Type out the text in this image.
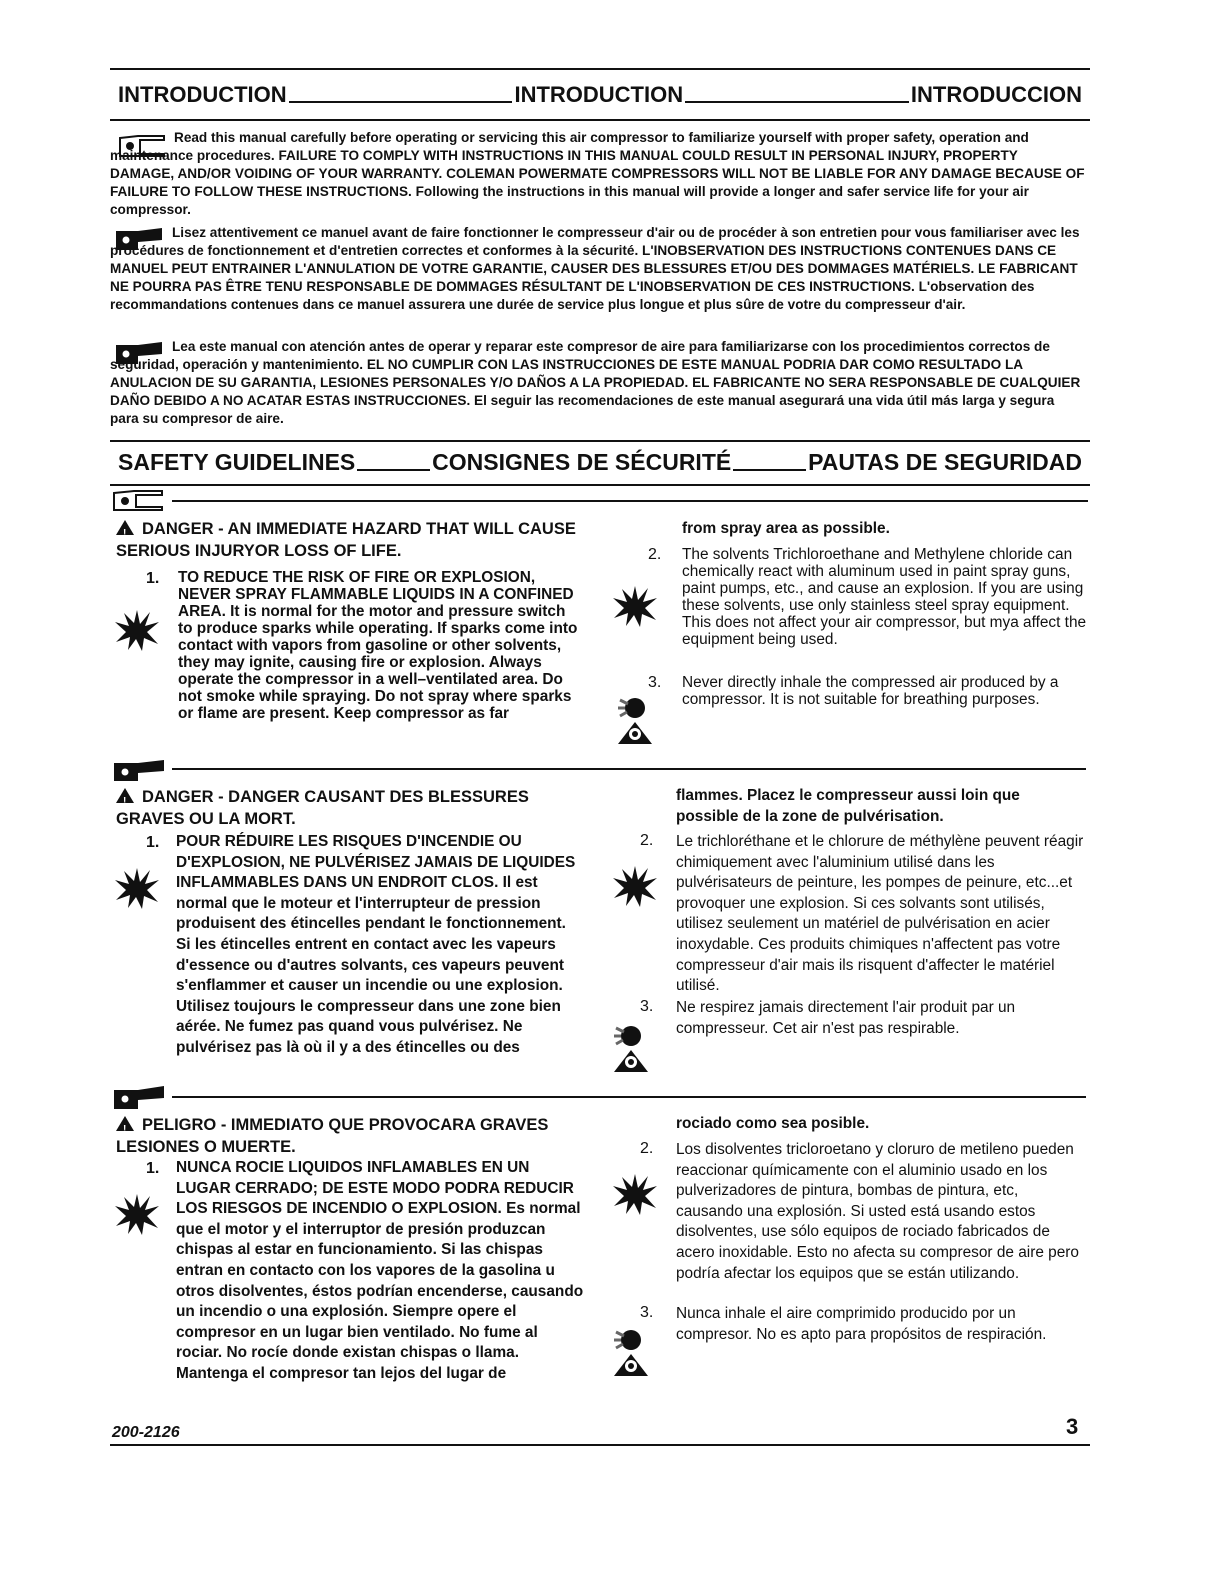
INTRODUCTION	INTRODUCTION	INTRODUCCION
Read this manual carefully before operating or servicing this air compressor to familiarize yourself with proper safety, operation and maintenance procedures. FAILURE TO COMPLY WITH INSTRUCTIONS IN THIS MANUAL COULD RESULT IN PERSONAL INJURY, PROPERTY DAMAGE, AND/OR VOIDING OF YOUR WARRANTY. COLEMAN POWERMATE COMPRESSORS WILL NOT BE LIABLE FOR ANY DAMAGE BECAUSE OF FAILURE TO FOLLOW THESE INSTRUCTIONS. Following the instructions in this manual will provide a longer and safer service life for your air compressor.
Lisez attentivement ce manuel avant de faire fonctionner le compresseur d'air ou de procéder à son entretien pour vous familiariser avec les procédures de fonctionnement et d'entretien correctes et conformes à la sécurité. L'INOBSERVATION DES INSTRUCTIONS CONTENUES DANS CE MANUEL PEUT ENTRAINER L'ANNULATION DE VOTRE GARANTIE, CAUSER DES BLESSURES ET/OU DES DOMMAGES MATÉRIELS. LE FABRICANT NE POURRA PAS ÊTRE TENU RESPONSABLE DE DOMMAGES RÉSULTANT DE L'INOBSERVATION DE CES INSTRUCTIONS. L'observation des recommandations contenues dans ce manuel assurera une durée de service plus longue et plus sûre de votre du compresseur d'air.
Lea este manual con atención antes de operar y reparar este compresor de aire para familiarizarse con los procedimientos correctos de seguridad, operación y mantenimiento. EL NO CUMPLIR CON LAS INSTRUCCIONES DE ESTE MANUAL PODRIA DAR COMO RESULTADO LA ANULACION DE SU GARANTIA, LESIONES PERSONALES Y/O DAÑOS A LA PROPIEDAD. EL FABRICANTE NO SERA RESPONSABLE DE CUALQUIER DAÑO DEBIDO A NO ACATAR ESTAS INSTRUCCIONES. El seguir las recomendaciones de este manual asegurará una vida útil más larga y segura para su compresor de aire.
SAFETY GUIDELINES	CONSIGNES DE SÉCURITÉ	PAUTAS DE SEGURIDAD
!DANGER - AN IMMEDIATE HAZARD THAT WILL CAUSE SERIOUS INJURYOR LOSS OF LIFE.
1. TO REDUCE THE RISK OF FIRE OR EXPLOSION, NEVER SPRAY FLAMMABLE LIQUIDS IN A CONFINED AREA. It is normal for the motor and pressure switch to produce sparks while operating. If sparks come into contact with vapors from gasoline or other solvents, they may ignite, causing fire or explosion. Always operate the compressor in a well–ventilated area. Do not smoke while spraying. Do not spray where sparks or flame are present. Keep compressor as far
from spray area as possible.
2. The solvents Trichloroethane and Methylene chloride can chemically react with aluminum used in paint spray guns, paint pumps, etc., and cause an explosion. If you are using these solvents, use only stainless steel spray equipment. This does not affect your air compressor, but mya affect the equipment being used.
3. Never directly inhale the compressed air produced by a compressor. It is not suitable for breathing purposes.
!DANGER - DANGER CAUSANT DES BLESSURES GRAVES OU LA MORT.
1. POUR RÉDUIRE LES RISQUES D'INCENDIE OU D'EXPLOSION, NE PULVÉRISEZ JAMAIS DE LIQUIDES INFLAMMABLES DANS UN ENDROIT CLOS. Il est normal que le moteur et l'interrupteur de pression produisent des étincelles pendant le fonctionnement. Si les étincelles entrent en contact avec les vapeurs d'essence ou d'autres solvants, ces vapeurs peuvent s'enflammer et causer un incendie ou une explosion. Utilisez toujours le compresseur dans une zone bien aérée. Ne fumez pas quand vous pulvérisez. Ne pulvérisez pas là où il y a des étincelles ou des
flammes. Placez le compresseur aussi loin que possible de la zone de pulvérisation.
2. Le trichloréthane et le chlorure de méthylène peuvent réagir chimiquement avec l'aluminium utilisé dans les pulvérisateurs de peinture, les pompes de peinure, etc...et provoquer une explosion. Si ces solvants sont utilisés, utilisez seulement un matériel de pulvérisation en acier inoxydable. Ces produits chimiques n'affectent pas votre compresseur d'air mais ils risquent d'affecter le matériel utilisé.
3. Ne respirez jamais directement l'air produit par un compresseur. Cet air n'est pas respirable.
!PELIGRO - IMMEDIATO QUE PROVOCARA GRAVES LESIONES O MUERTE.
1. NUNCA ROCIE LIQUIDOS INFLAMABLES EN UN LUGAR CERRADO; DE ESTE MODO PODRA REDUCIR LOS RIESGOS DE INCENDIO O EXPLOSION. Es normal que el motor y el interruptor de presión produzcan chispas al estar en funcionamiento. Si las chispas entran en contacto con los vapores de la gasolina u otros disolventes, éstos podrían encenderse, causando un incendio o una explosión. Siempre opere el compresor en un lugar bien ventilado. No fume al rociar. No rocíe donde existan chispas o llama. Mantenga el compresor tan lejos del lugar de
rociado como sea posible.
2. Los disolventes tricloroetano y cloruro de metileno pueden reaccionar químicamente con el aluminio usado en los pulverizadores de pintura, bombas de pintura, etc, causando una explosión. Si usted está usando estos disolventes, use sólo equipos de rociado fabricados de acero inoxidable. Esto no afecta su compresor de aire pero podría afectar los equipos que se están utilizando.
3. Nunca inhale el aire comprimido producido por un compresor. No es apto para propósitos de respiración.
200-2126	3
